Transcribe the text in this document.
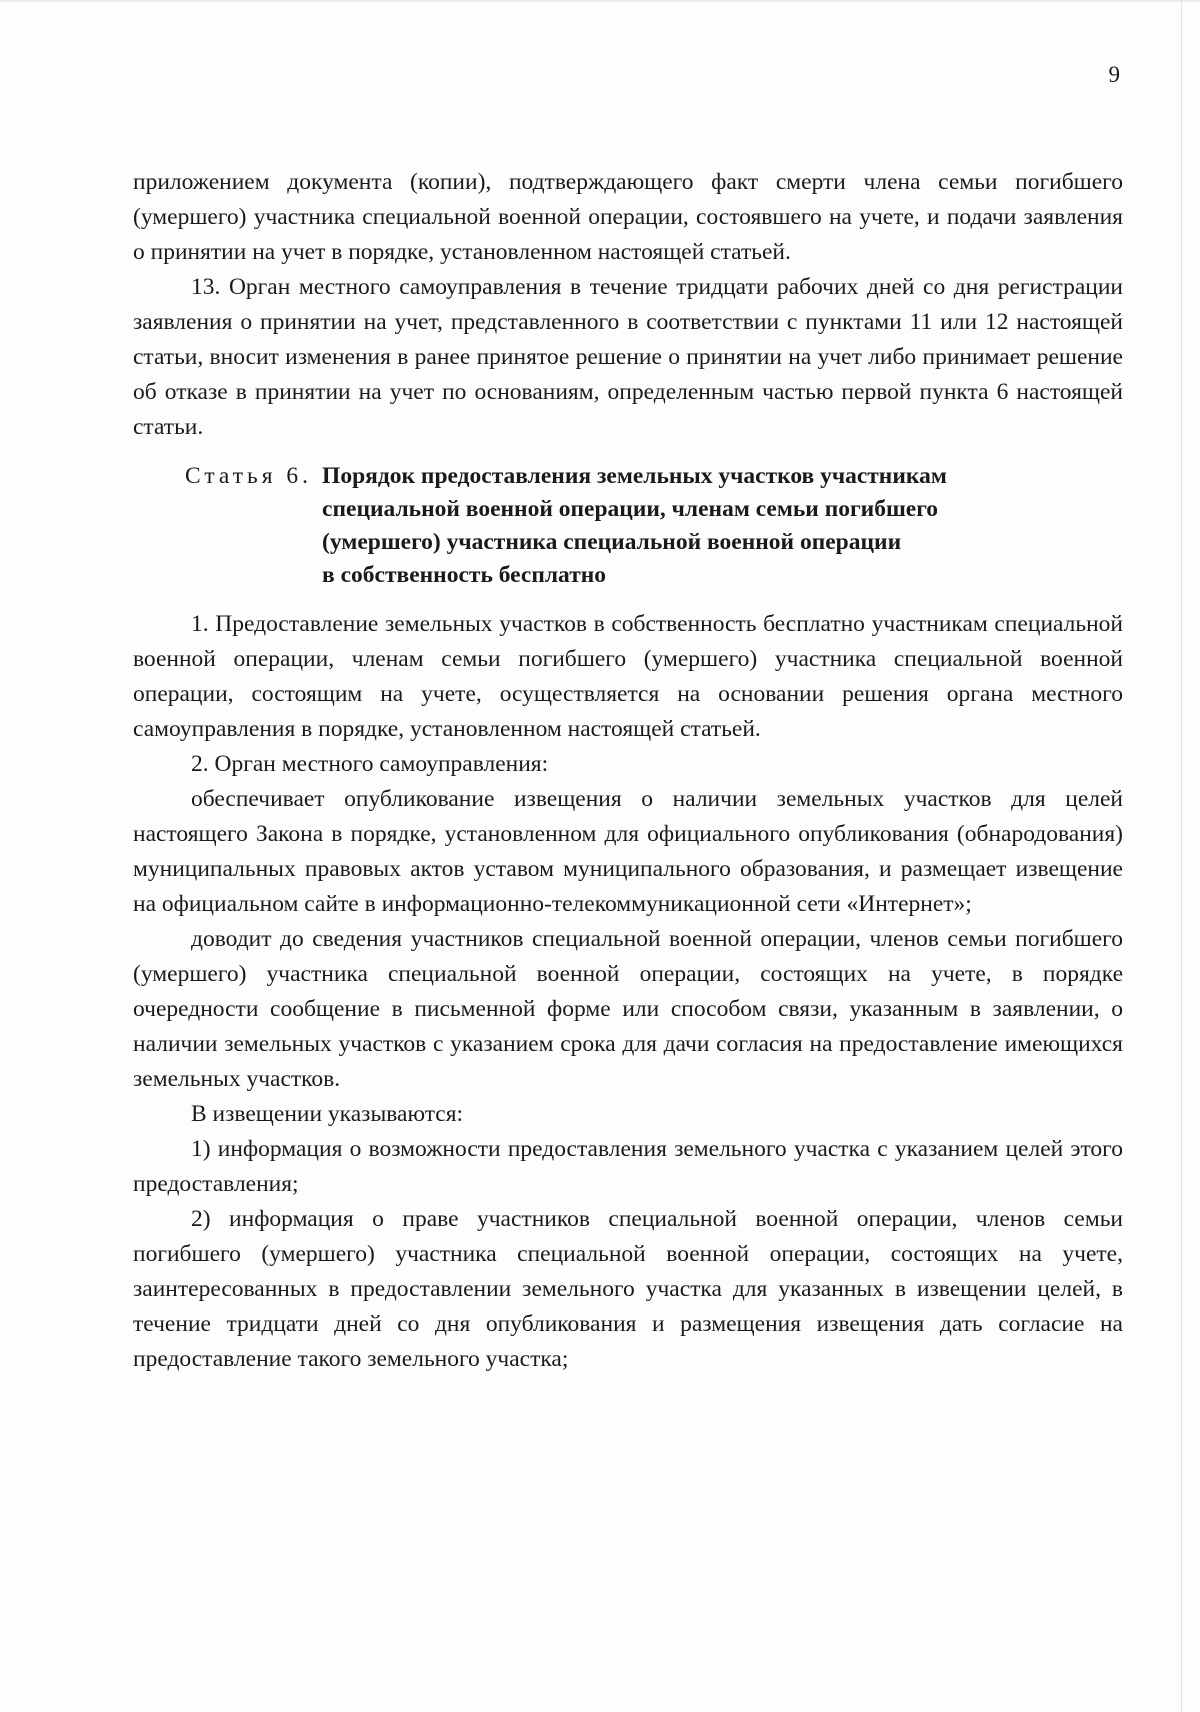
9

приложением документа (копии), подтверждающего факт смерти члена семьи погибшего (умершего) участника специальной военной операции, состоявшего на учете, и подачи заявления о принятии на учет в порядке, установленном настоящей статьей.

13. Орган местного самоуправления в течение тридцати рабочих дней со дня регистрации заявления о принятии на учет, представленного в соответствии с пунктами 11 или 12 настоящей статьи, вносит изменения в ранее принятое решение о принятии на учет либо принимает решение об отказе в принятии на учет по основаниям, определенным частью первой пункта 6 настоящей статьи.

Статья 6. Порядок предоставления земельных участков участникам
специальной военной операции, членам семьи погибшего
(умершего) участника специальной военной операции
в собственность бесплатно

1. Предоставление земельных участков в собственность бесплатно участникам специальной военной операции, членам семьи погибшего (умершего) участника специальной военной операции, состоящим на учете, осуществляется на основании решения органа местного самоуправления в порядке, установленном настоящей статьей.

2. Орган местного самоуправления:

обеспечивает опубликование извещения о наличии земельных участков для целей настоящего Закона в порядке, установленном для официального опубликования (обнародования) муниципальных правовых актов уставом муниципального образования, и размещает извещение на официальном сайте в информационно-телекоммуникационной сети «Интернет»;

доводит до сведения участников специальной военной операции, членов семьи погибшего (умершего) участника специальной военной операции, состоящих на учете, в порядке очередности сообщение в письменной форме или способом связи, указанным в заявлении, о наличии земельных участков с указанием срока для дачи согласия на предоставление имеющихся земельных участков.

В извещении указываются:

1) информация о возможности предоставления земельного участка с указанием целей этого предоставления;

2) информация о праве участников специальной военной операции, членов семьи погибшего (умершего) участника специальной военной операции, состоящих на учете, заинтересованных в предоставлении земельного участка для указанных в извещении целей, в течение тридцати дней со дня опубликования и размещения извещения дать согласие на предоставление такого земельного участка;
